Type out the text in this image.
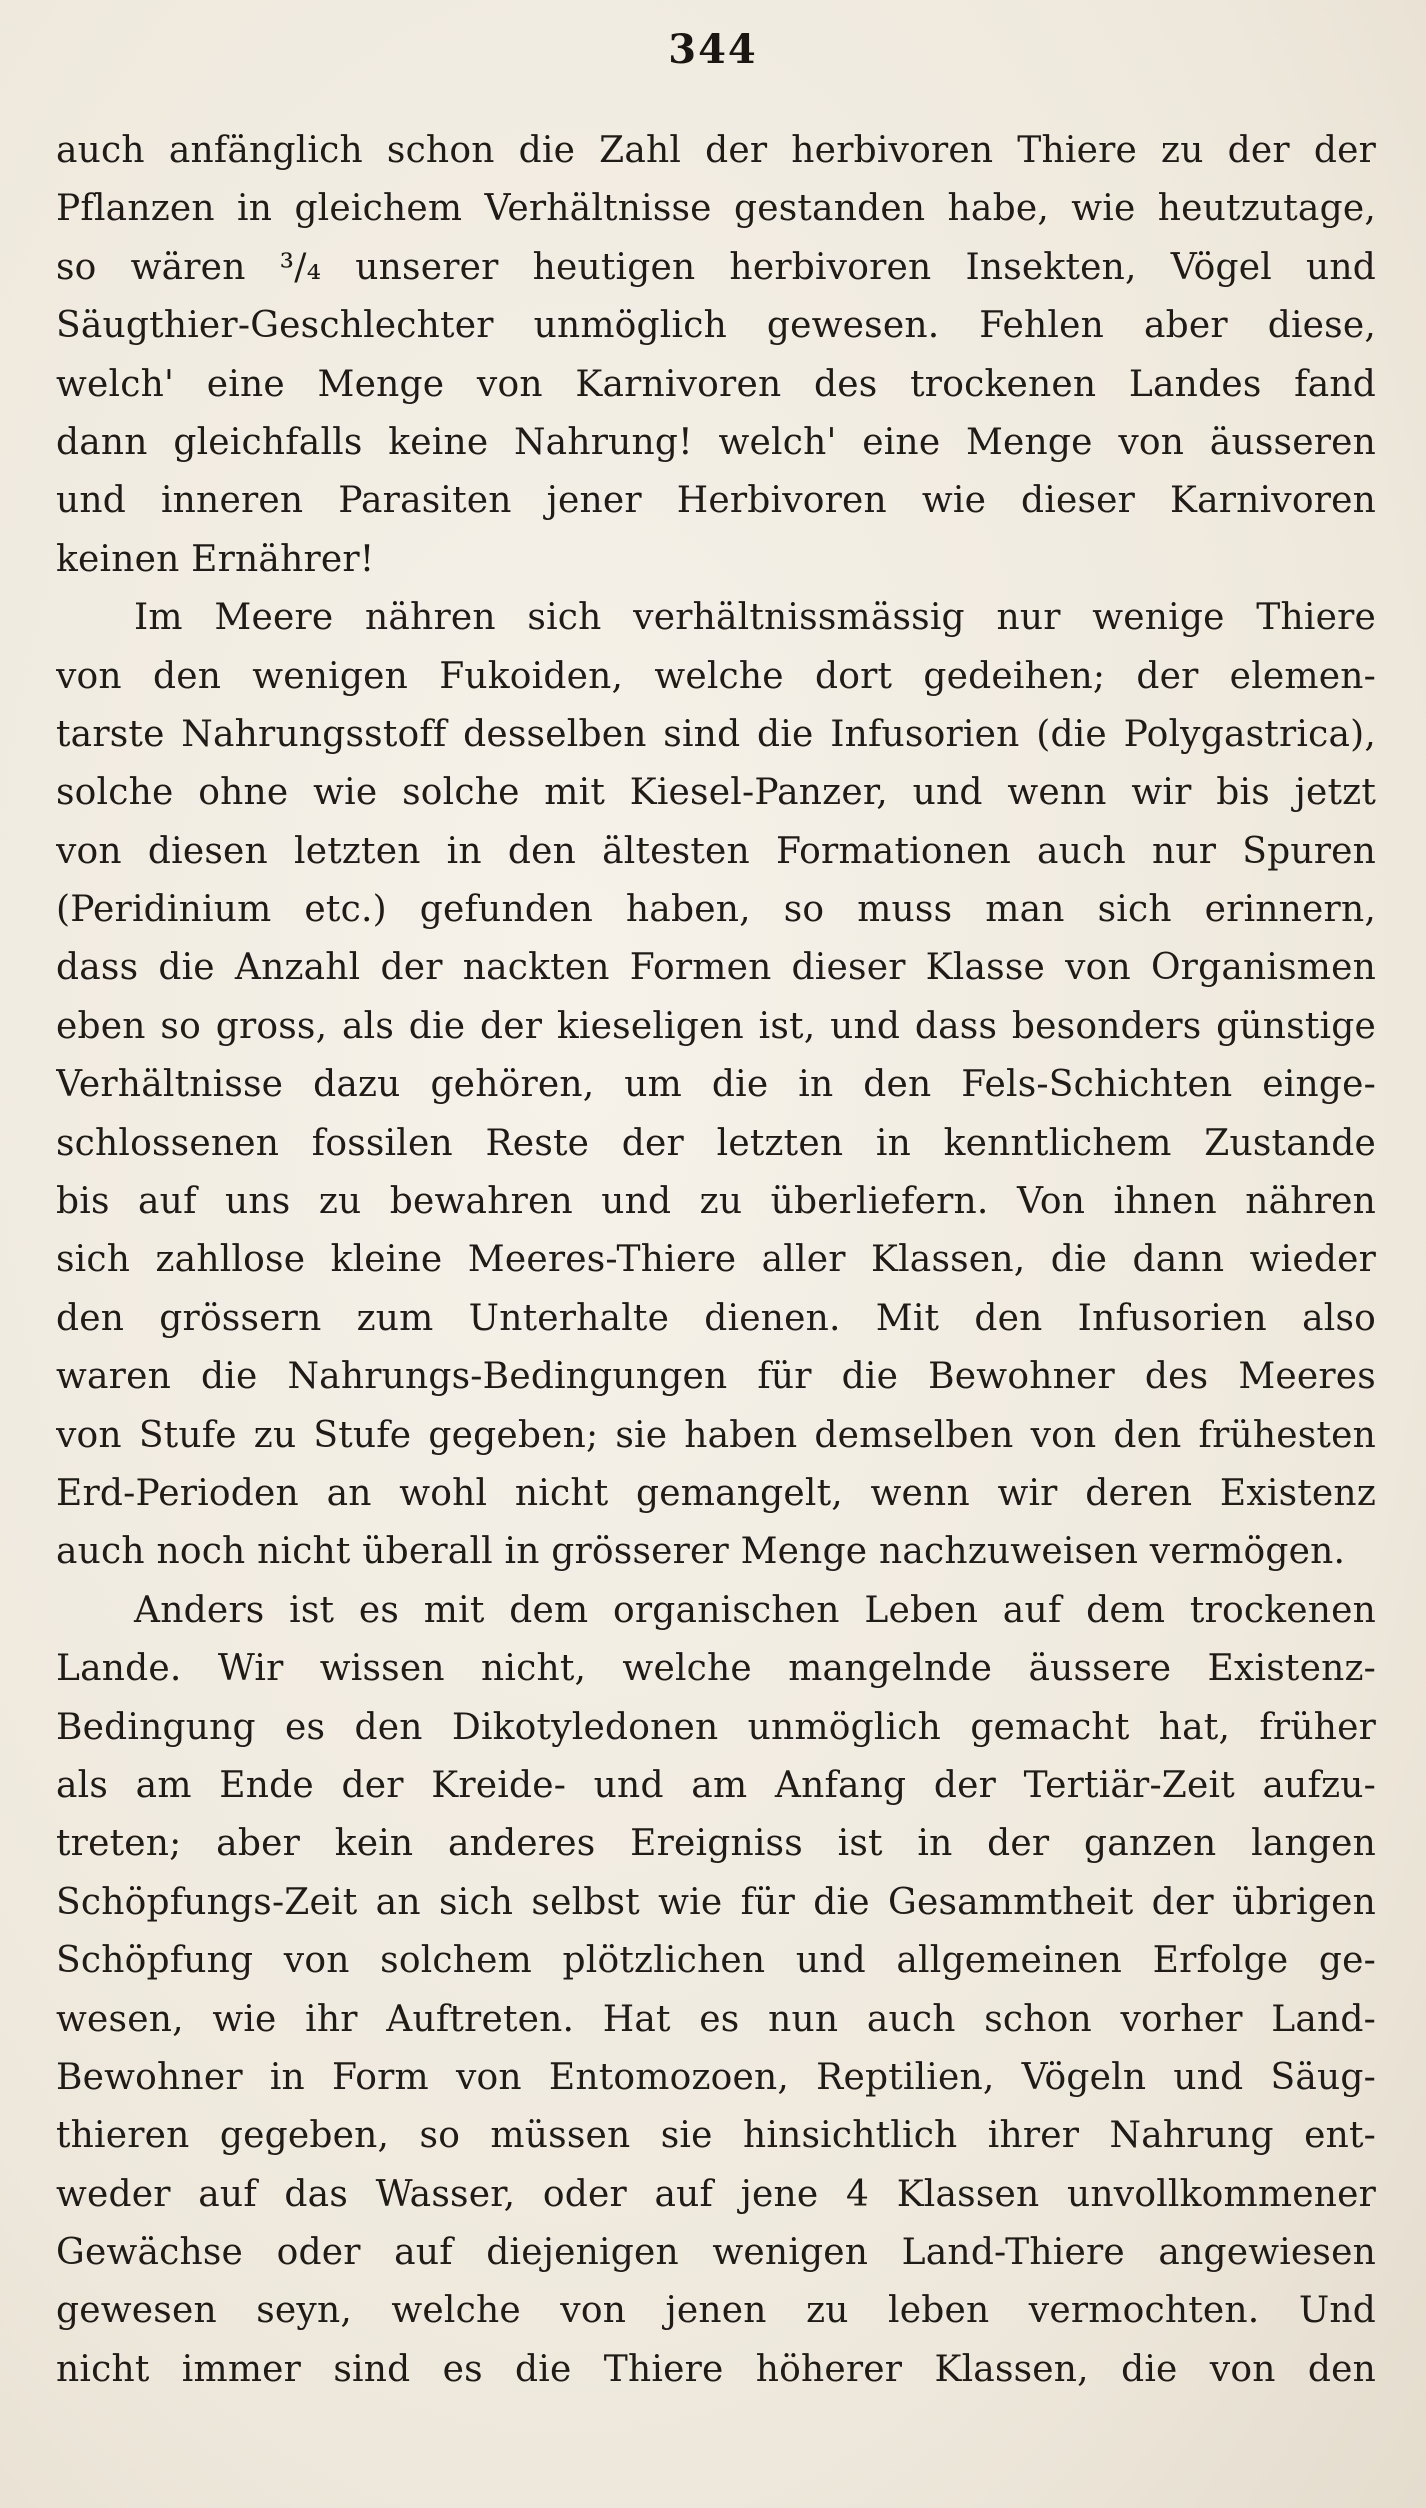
344
auch anfänglich schon die Zahl der herbivoren Thiere zu der der
Pflanzen in gleichem Verhältnisse gestanden habe, wie heutzutage,
so wären ³/₄ unserer heutigen herbivoren Insekten, Vögel und
Säugthier-Geschlechter unmöglich gewesen. Fehlen aber diese,
welch' eine Menge von Karnivoren des trockenen Landes fand
dann gleichfalls keine Nahrung! welch' eine Menge von äusseren
und inneren Parasiten jener Herbivoren wie dieser Karnivoren
keinen Ernährer!
Im Meere nähren sich verhältnissmässig nur wenige Thiere
von den wenigen Fukoiden, welche dort gedeihen; der elemen-
tarste Nahrungsstoff desselben sind die Infusorien (die Polygastrica),
solche ohne wie solche mit Kiesel-Panzer, und wenn wir bis jetzt
von diesen letzten in den ältesten Formationen auch nur Spuren
(Peridinium etc.) gefunden haben, so muss man sich erinnern,
dass die Anzahl der nackten Formen dieser Klasse von Organismen
eben so gross, als die der kieseligen ist, und dass besonders günstige
Verhältnisse dazu gehören, um die in den Fels-Schichten einge-
schlossenen fossilen Reste der letzten in kenntlichem Zustande
bis auf uns zu bewahren und zu überliefern. Von ihnen nähren
sich zahllose kleine Meeres-Thiere aller Klassen, die dann wieder
den grössern zum Unterhalte dienen. Mit den Infusorien also
waren die Nahrungs-Bedingungen für die Bewohner des Meeres
von Stufe zu Stufe gegeben; sie haben demselben von den frühesten
Erd-Perioden an wohl nicht gemangelt, wenn wir deren Existenz
auch noch nicht überall in grösserer Menge nachzuweisen vermögen.
Anders ist es mit dem organischen Leben auf dem trockenen
Lande. Wir wissen nicht, welche mangelnde äussere Existenz-
Bedingung es den Dikotyledonen unmöglich gemacht hat, früher
als am Ende der Kreide- und am Anfang der Tertiär-Zeit aufzu-
treten; aber kein anderes Ereigniss ist in der ganzen langen
Schöpfungs-Zeit an sich selbst wie für die Gesammtheit der übrigen
Schöpfung von solchem plötzlichen und allgemeinen Erfolge ge-
wesen, wie ihr Auftreten. Hat es nun auch schon vorher Land-
Bewohner in Form von Entomozoen, Reptilien, Vögeln und Säug-
thieren gegeben, so müssen sie hinsichtlich ihrer Nahrung ent-
weder auf das Wasser, oder auf jene 4 Klassen unvollkommener
Gewächse oder auf diejenigen wenigen Land-Thiere angewiesen
gewesen seyn, welche von jenen zu leben vermochten. Und
nicht immer sind es die Thiere höherer Klassen, die von den
